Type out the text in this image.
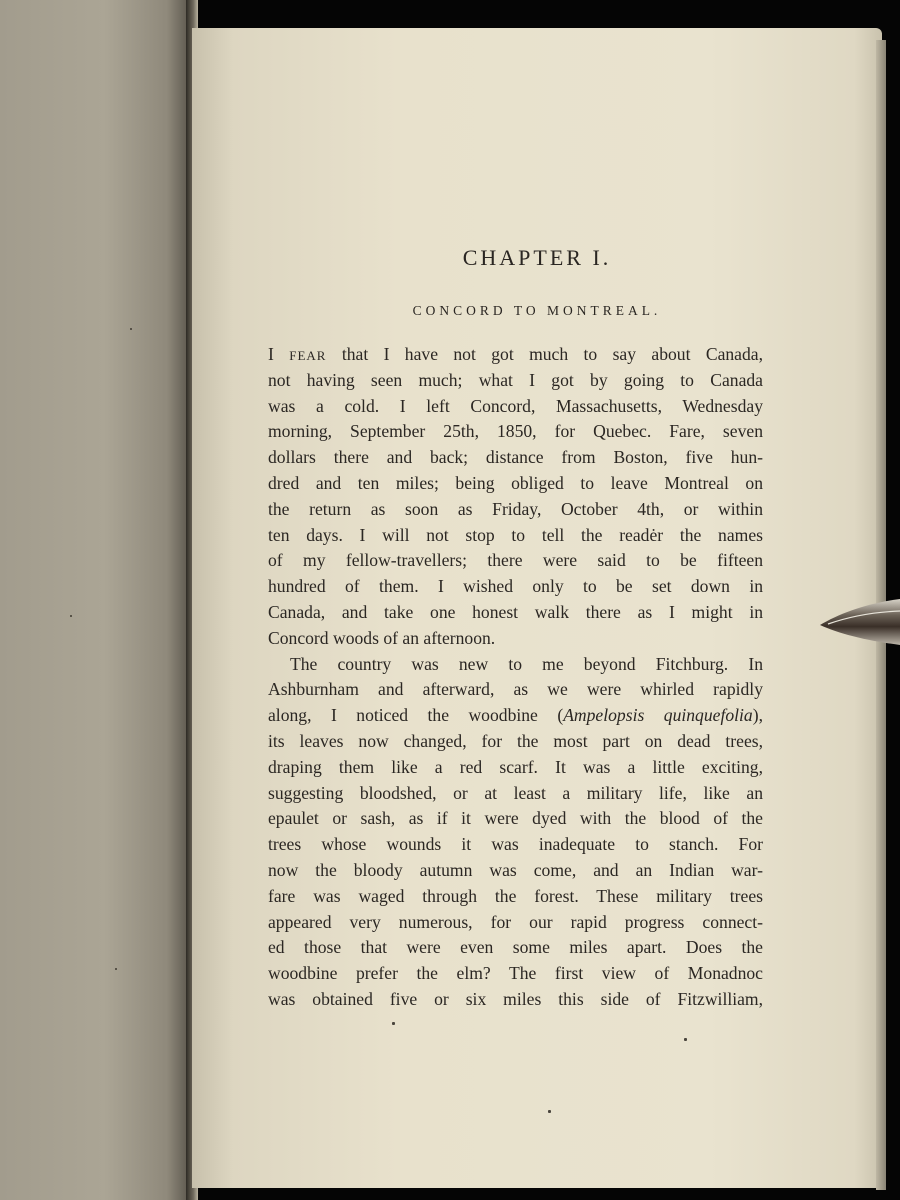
CHAPTER I.
CONCORD TO MONTREAL.
I FEAR that I have not got much to say about Canada,
not having seen much; what I got by going to Canada
was a cold. I left Concord, Massachusetts, Wednesday
morning, September 25th, 1850, for Quebec. Fare, seven
dollars there and back; distance from Boston, five hun-
dred and ten miles; being obliged to leave Montreal on
the return as soon as Friday, October 4th, or within
ten days. I will not stop to tell the readėr the names
of my fellow-travellers; there were said to be fifteen
hundred of them. I wished only to be set down in
Canada, and take one honest walk there as I might in
Concord woods of an afternoon.
The country was new to me beyond Fitchburg. In
Ashburnham and afterward, as we were whirled rapidly
along, I noticed the woodbine (Ampelopsis quinquefolia),
its leaves now changed, for the most part on dead trees,
draping them like a red scarf. It was a little exciting,
suggesting bloodshed, or at least a military life, like an
epaulet or sash, as if it were dyed with the blood of the
trees whose wounds it was inadequate to stanch. For
now the bloody autumn was come, and an Indian war-
fare was waged through the forest. These military trees
appeared very numerous, for our rapid progress connect-
ed those that were even some miles apart. Does the
woodbine prefer the elm? The first view of Monadnoc
was obtained five or six miles this side of Fitzwilliam,
